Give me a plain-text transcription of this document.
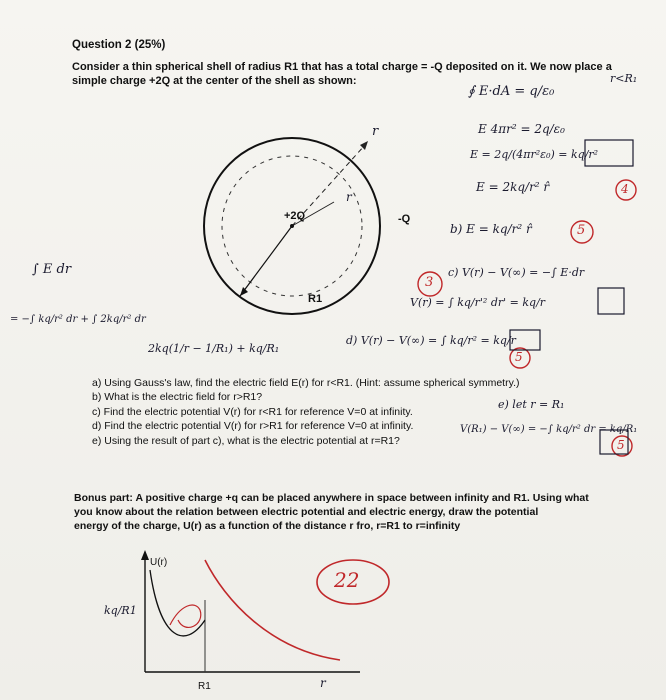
Question 2 (25%)
Consider a thin spherical shell of radius R1 that has a total charge = -Q deposited on it. We now place a
simple charge +2Q at the center of the shell as shown:
+2Q	-Q
R1
r
r
a) Using Gauss's law, find the electric field E(r) for r<R1. (Hint: assume spherical symmetry.)
b) What is the electric field for r>R1?
c) Find the electric potential V(r) for r<R1 for reference V=0 at infinity.
d) Find the electric potential V(r) for r>R1 for reference V=0 at infinity.
e) Using the result of part c), what is the electric potential at r=R1?
Bonus part: A positive charge +q can be placed anywhere in space between infinity and R1. Using what
you know about the relation between electric potential and electric energy, draw the potential
energy of the charge, U(r) as a function of the distance r fro, r=R1 to r=infinity
U(r)
r
R1
kq/R1
∮ E·dA = q/ε₀
r<R₁
E 4πr² = 2q/ε₀
E = 2q/(4πr²ε₀) = kq/r²
E = 2kq/r² r̂
b) E = kq/r² r̂
c) V(r) − V(∞) = −∫ E·dr
V(r) = ∫ kq/r'² dr' = kq/r
d) V(r) − V(∞) = ∫ kq/r² = kq/r
e) let r = R₁
V(R₁) − V(∞) = −∫ kq/r² dr = kq/R₁
∫ E dr
= −∫ kq/r² dr + ∫ 2kq/r² dr
2kq(1/r − 1/R₁) + kq/R₁
4
5
3
5
22
5
